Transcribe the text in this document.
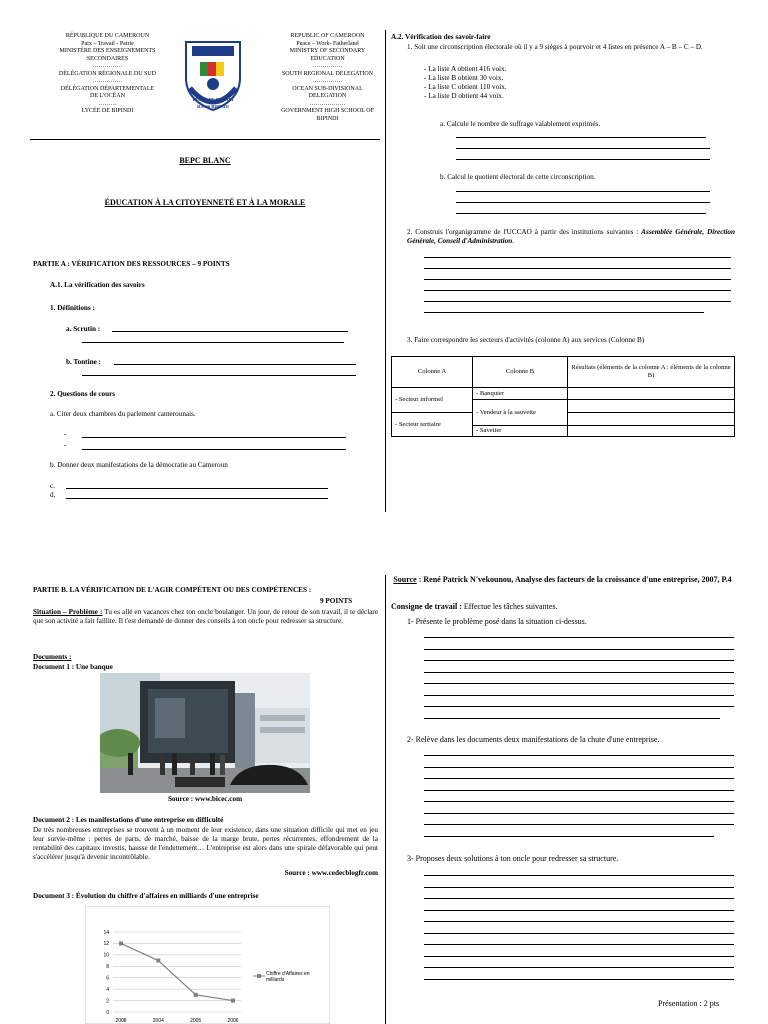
RÉPUBLIQUE DU CAMEROUN
Paix – Travail - Patrie
MINISTÈRE DES ENSEIGNEMENTS
SECONDAIRES
……………
DÉLÉGATION RÉGIONALE DU SUD
……………
DÉLÉGATION DÉPARTEMENTALE
DE L'OCÉAN
………
LYCÉE DE BIPINDI
LYCÉE DE BIPINDI
B.P. 66 BIPINDI
REPUBLIC OF CAMEROON
Peace – Work- Fatherland
MINISTRY OF SECONDARY
EDUCATION
……………
SOUTH REGIONAL DELEGATION
……………
OCEAN SUB-DIVISIONAL
DELEGATION
………………
GOVERNMENT HIGH SCHOOL OF
BIPINDI
BEPC BLANC
ÉDUCATION À LA CITOYENNETÉ ET À LA MORALE
PARTIE A : VÉRIFICATION DES RESSOURCES – 9 POINTS
A.1. La vérification des savoirs
1. Définitions :
a. Scrutin :
b. Tontine :
2. Questions de cours
a. Citer deux chambres du parlement camerounais.
-
-
b. Donner deux manifestations de la démocratie au Cameroun
c.
d.
A.2. Vérification des savoir-faire
1. Soit une circonscription électorale où il y a 9 sièges à pourvoir et 4 listes en présence A – B – C – D.
- La liste A obtient 416 voix.
- La liste B obtient 30 voix.
- La liste C obtient 110 voix.
- La liste D obtient 44 voix.
a. Calcule le nombre de suffrage valablement exprimés.
b. Calcul le quotient électoral de cette circonscription.
2. Construis l'organigramme de l'UCCAO à partir des institutions suivantes : Assemblée Générale, Direction Générale, Conseil d'Administration.
3. Faire correspondre les secteurs d'activités (colonne A) aux services (Colonne B)
Colonne A	Colonne B	Résultats (éléments de la colonne A : éléments de la colonne B)
- Secteur informel	- Banquier	
	- Vendeur à la sauvette	
- Secteur tertiaire		
	- Savetier	
PARTIE B. LA VÉRIFICATION DE L'AGIR COMPÉTENT OU DES COMPÉTENCES :
9 POINTS
Situation – Problème : Tu es allé en vacances chez ton oncle boulanger. Un jour, de retour de son travail, il te déclare que son activité a fait faillite. Il t'est demandé de donner des conseils à ton oncle pour redresser sa structure.
Documents :
Document 1 : Une banque
Source : www.bicec.com
Document 2 : Les manifestations d'une entreprise en difficulté
De très nombreuses entreprises se trouvent à un moment de leur existence, dans une situation difficile qui met en jeu leur survie-même : pertes de parts, de marché, baisse de la marge brute, pertes récurrentes, effondrement de la rentabilité des capitaux investis, hausse de l'endettement… L'entreprise est alors dans une spirale défavorable qui peut s'accélérer jusqu'à devenir incontrôlable.
Source : www.cedecblogfr.com
Document 3 : Évolution du chiffre d'affaires en milliards d'une entreprise
0
2
4
6
8
10
12
14
2008	2004	2005	2006
Chiffre d'Affaires en milliards
Source : René Patrick N'vekounou, Analyse des facteurs de la croissance d'une entreprise, 2007, P.4
Consigne de travail : Effectue les tâches suivantes.
1- Présente le problème posé dans la situation ci-dessus.
2- Relève dans les documents deux manifestations de la chute d'une entreprise.
3- Proposes deux solutions à ton oncle pour redresser sa structure.
Présentation : 2 pts
